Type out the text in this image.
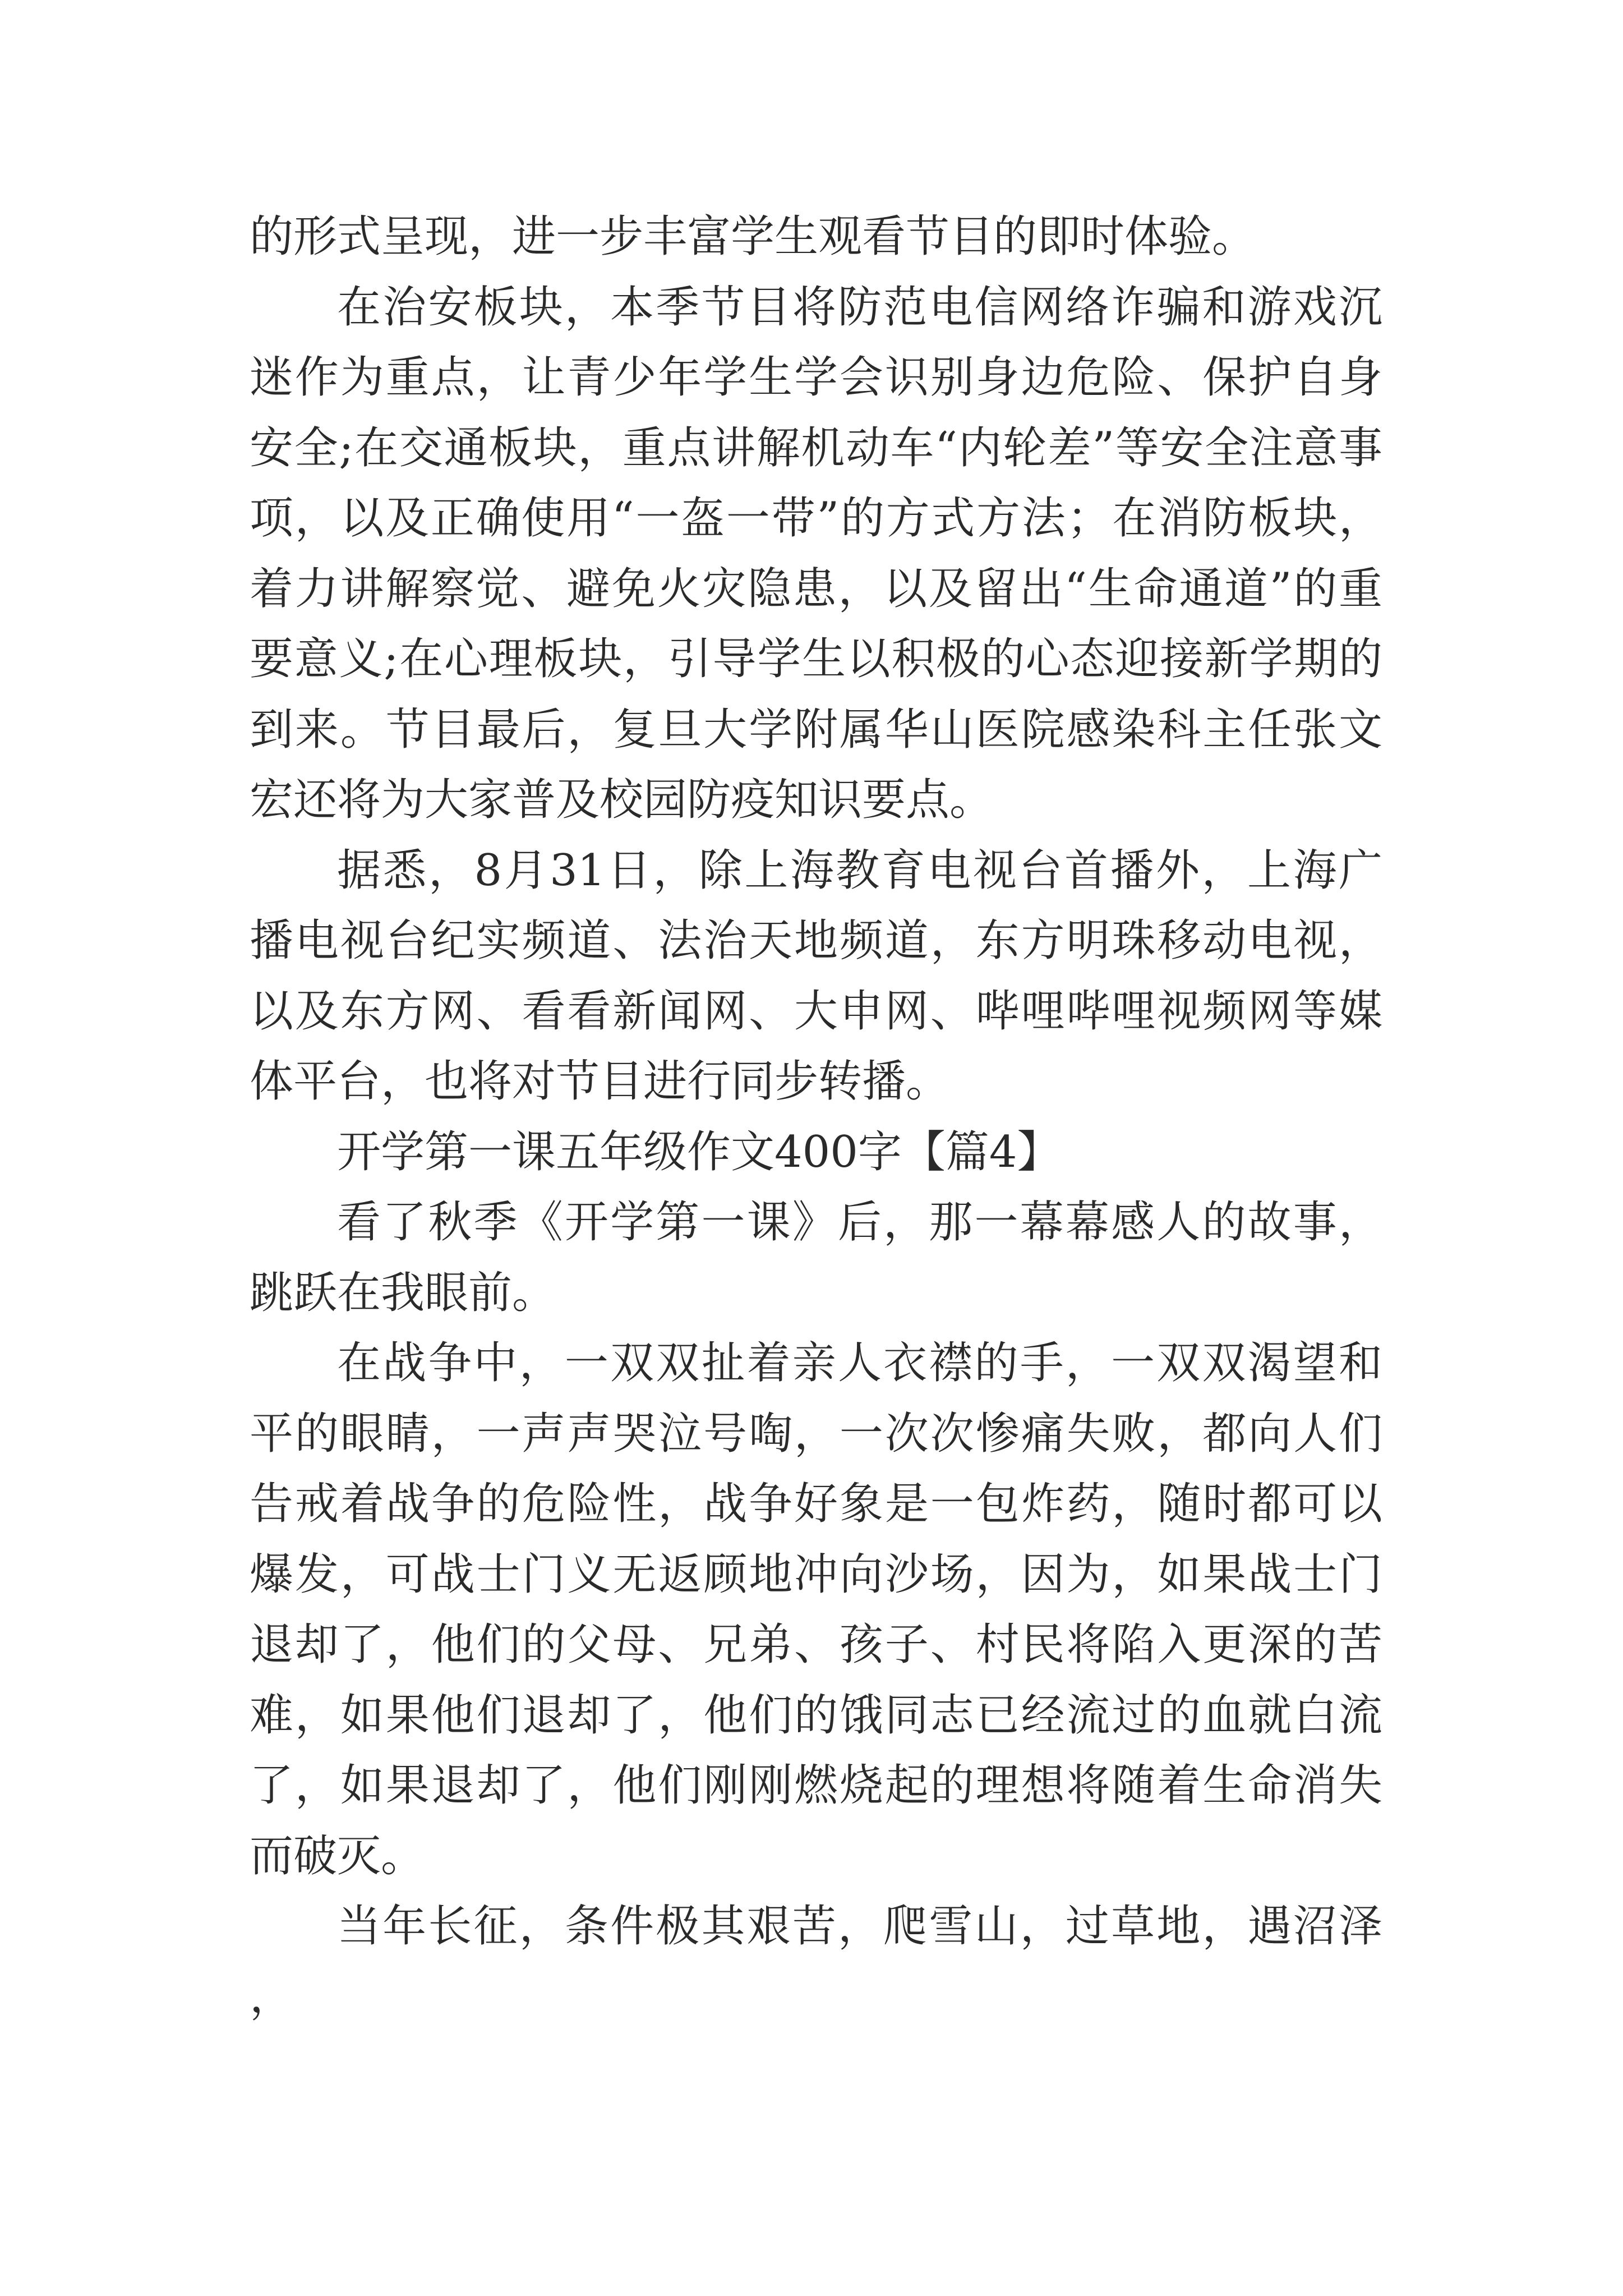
的形式呈现，进一步丰富学生观看节目的即时体验。

在治安板块，本季节目将防范电信网络诈骗和游戏沉迷作为重点，让青少年学生学会识别身边危险、保护自身安全;在交通板块，重点讲解机动车“内轮差”等安全注意事项，以及正确使用“一盔一带”的方式方法；在消防板块，着力讲解察觉、避免火灾隐患，以及留出“生命通道”的重要意义;在心理板块，引导学生以积极的心态迎接新学期的到来。节目最后，复旦大学附属华山医院感染科主任张文宏还将为大家普及校园防疫知识要点。

据悉，8月31日，除上海教育电视台首播外，上海广播电视台纪实频道、法治天地频道，东方明珠移动电视，以及东方网、看看新闻网、大申网、哔哩哔哩视频网等媒体平台，也将对节目进行同步转播。

开学第一课五年级作文400字【篇4】

看了秋季《开学第一课》后，那一幕幕感人的故事，跳跃在我眼前。

在战争中，一双双扯着亲人衣襟的手，一双双渴望和平的眼睛，一声声哭泣号啕，一次次惨痛失败，都向人们告戒着战争的危险性，战争好象是一包炸药，随时都可以爆发，可战士门义无返顾地冲向沙场，因为，如果战士门退却了，他们的父母、兄弟、孩子、村民将陷入更深的苦难，如果他们退却了，他们的饿同志已经流过的血就白流了，如果退却了，他们刚刚燃烧起的理想将随着生命消失而破灭。

当年长征，条件极其艰苦，爬雪山，过草地，遇沼泽，
